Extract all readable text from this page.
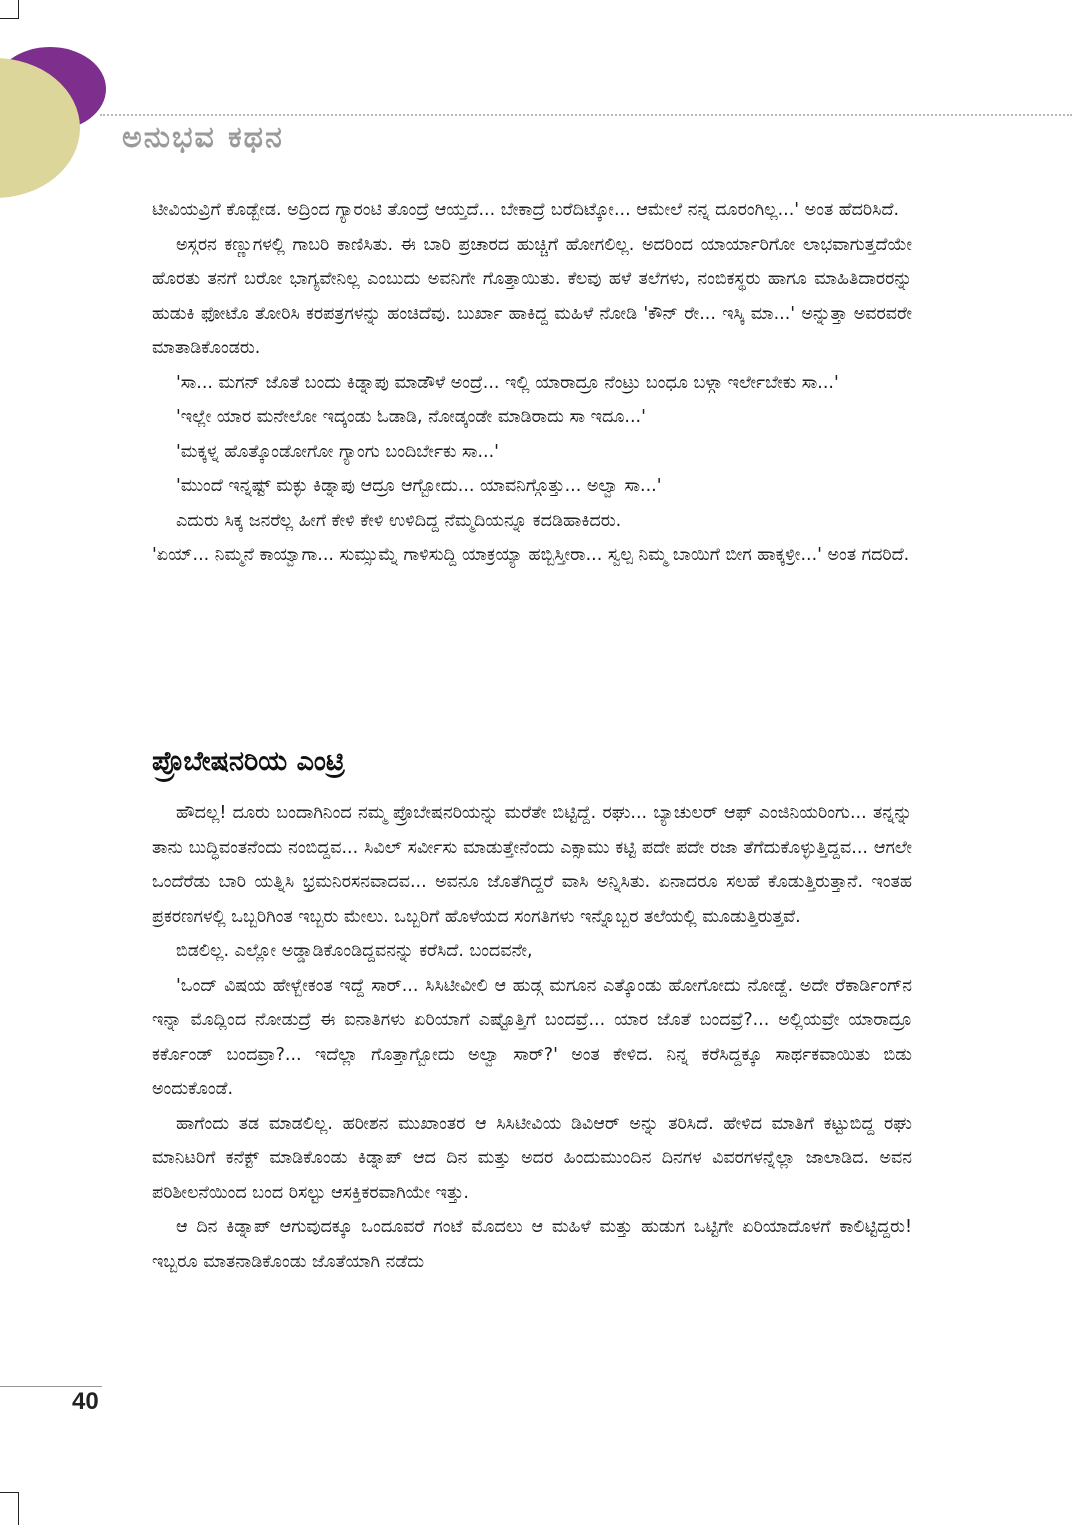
ಅನುಭವ ಕಥನ

ಟೀವಿಯವ್ರಿಗೆ ಕೊಡ್ಬೇಡ. ಅದ್ರಿಂದ ಗ್ಯಾರಂಟಿ ತೊಂದ್ರೆ ಆಯ್ತದೆ... ಬೇಕಾದ್ರೆ ಬರೆದಿಟ್ಕೋ... ಆಮೇಲೆ ನನ್ನ ದೂರಂಗಿಲ್ಲ...' ಅಂತ ಹೆದರಿಸಿದೆ.

ಅಸ್ಗರನ ಕಣ್ಣುಗಳಲ್ಲಿ ಗಾಬರಿ ಕಾಣಿಸಿತು. ಈ ಬಾರಿ ಪ್ರಚಾರದ ಹುಚ್ಚಿಗೆ ಹೋಗಲಿಲ್ಲ. ಅದರಿಂದ ಯಾರ್ಯಾರಿಗೋ ಲಾಭವಾಗುತ್ತದೆಯೇ ಹೊರತು ತನಗೆ ಬರೋ ಭಾಗ್ಯವೇನಿಲ್ಲ ಎಂಬುದು ಅವನಿಗೇ ಗೊತ್ತಾಯಿತು. ಕೆಲವು ಹಳೆ ತಲೆಗಳು, ನಂಬಿಕಸ್ಥರು ಹಾಗೂ ಮಾಹಿತಿದಾರರನ್ನು ಹುಡುಕಿ ಫೋಟೊ ತೋರಿಸಿ ಕರಪತ್ರಗಳನ್ನು ಹಂಚಿದೆವು. ಬುರ್ಖಾ ಹಾಕಿದ್ದ ಮಹಿಳೆ ನೋಡಿ 'ಕೌನ್ ರೇ... ಇಸ್ಕಿ ಮಾ...' ಅನ್ನುತ್ತಾ ಅವರವರೇ ಮಾತಾಡಿಕೊಂಡರು.

'ಸಾ... ಮಗನ್ ಜೊತೆ ಬಂದು ಕಿಡ್ನಾಪು ಮಾಡೌಳೆ ಅಂದ್ರೆ... ಇಲ್ಲಿ ಯಾರಾದ್ರೂ ನೆಂಟ್ರು ಬಂಧೂ ಬಳ್ಗಾ ಇರ್ಲೇಬೇಕು ಸಾ...'

'ಇಲ್ಲೇ ಯಾರ ಮನೇಲೋ ಇದ್ಕಂಡು ಓಡಾಡಿ, ನೋಡ್ಕಂಡೇ ಮಾಡಿರಾದು ಸಾ ಇದೂ...'

'ಮಕ್ಕಳ್ನ ಹೊತ್ಕೊಂಡೋಗೋ ಗ್ಯಾಂಗು ಬಂದಿರ್ಬೇಕು ಸಾ...'

'ಮುಂದೆ ಇನ್ನಷ್ಟ್ ಮಕ್ಳು ಕಿಡ್ನಾಪು ಆದ್ರೂ ಆಗ್ಬೋದು... ಯಾವನಿಗ್ಗೊತ್ತು... ಅಲ್ವಾ ಸಾ...'

ಎದುರು ಸಿಕ್ಕ ಜನರೆಲ್ಲ ಹೀಗೆ ಕೇಳಿ ಕೇಳಿ ಉಳಿದಿದ್ದ ನೆಮ್ಮದಿಯನ್ನೂ ಕದಡಿಹಾಕಿದರು.

'ಏಯ್... ನಿಮ್ಮನೆ ಕಾಯ್ವಾಗಾ... ಸುಮ್ಸುಮ್ನೆ ಗಾಳಿಸುದ್ದಿ ಯಾಕ್ರಯ್ಯಾ ಹಬ್ಬಿಸ್ತೀರಾ... ಸ್ವಲ್ಪ ನಿಮ್ಮ ಬಾಯಿಗೆ ಬೀಗ ಹಾಕ್ಕಳ್ರೀ...' ಅಂತ ಗದರಿದೆ.

ಪ್ರೊಬೇಷನರಿಯ ಎಂಟ್ರಿ

ಹೌದಲ್ಲ! ದೂರು ಬಂದಾಗಿನಿಂದ ನಮ್ಮ ಪ್ರೊಬೇಷನರಿಯನ್ನು ಮರೆತೇ ಬಿಟ್ಟಿದ್ದೆ. ರಘು... ಬ್ಯಾಚುಲರ್ ಆಫ್ ಎಂಜಿನಿಯರಿಂಗು... ತನ್ನನ್ನು ತಾನು ಬುದ್ಧಿವಂತನೆಂದು ನಂಬಿದ್ದವ... ಸಿವಿಲ್ ಸರ್ವೀಸು ಮಾಡುತ್ತೇನೆಂದು ಎಕ್ಸಾಮು ಕಟ್ಟಿ ಪದೇ ಪದೇ ರಜಾ ತೆಗೆದುಕೊಳ್ಳುತ್ತಿದ್ದವ... ಆಗಲೇ ಒಂದೆರೆಡು ಬಾರಿ ಯತ್ನಿಸಿ ಭ್ರಮನಿರಸನವಾದವ... ಅವನೂ ಜೊತೆಗಿದ್ದರೆ ವಾಸಿ ಅನ್ನಿಸಿತು. ಏನಾದರೂ ಸಲಹೆ ಕೊಡುತ್ತಿರುತ್ತಾನೆ. ಇಂತಹ ಪ್ರಕರಣಗಳಲ್ಲಿ ಒಬ್ಬರಿಗಿಂತ ಇಬ್ಬರು ಮೇಲು. ಒಬ್ಬರಿಗೆ ಹೊಳೆಯದ ಸಂಗತಿಗಳು ಇನ್ನೊಬ್ಬರ ತಲೆಯಲ್ಲಿ ಮೂಡುತ್ತಿರುತ್ತವೆ.

ಬಿಡಲಿಲ್ಲ. ಎಲ್ಲೋ ಅಡ್ಡಾಡಿಕೊಂಡಿದ್ದವನನ್ನು ಕರೆಸಿದೆ. ಬಂದವನೇ,

'ಒಂದ್ ವಿಷಯ ಹೇಳ್ಬೇಕಂತ ಇದ್ದೆ ಸಾರ್... ಸಿಸಿಟೀವೀಲಿ ಆ ಹುಡ್ಗ ಮಗೂನ ಎತ್ಕೊಂಡು ಹೋಗೋದು ನೋಡ್ದೆ. ಅದೇ ರೆಕಾರ್ಡಿಂಗ್‌ನ ಇನ್ನಾ ಮೊದ್ಲಿಂದ ನೋಡುದ್ರೆ ಈ ಐನಾತಿಗಳು ಏರಿಯಾಗೆ ಎಷ್ಟೊತ್ತಿಗೆ ಬಂದವ್ರೆ... ಯಾರ ಜೊತೆ ಬಂದವ್ರೆ?... ಅಲ್ಲಿಯವ್ರೇ ಯಾರಾದ್ರೂ ಕರ್ಕೊಂಡ್ ಬಂದವ್ರಾ?... ಇದೆಲ್ಲಾ ಗೊತ್ತಾಗ್ಬೋದು ಅಲ್ವಾ ಸಾರ್?' ಅಂತ ಕೇಳಿದ. ನಿನ್ನ ಕರೆಸಿದ್ದಕ್ಕೂ ಸಾರ್ಥಕವಾಯಿತು ಬಿಡು ಅಂದುಕೊಂಡೆ.

ಹಾಗೆಂದು ತಡ ಮಾಡಲಿಲ್ಲ. ಹರೀಶನ ಮುಖಾಂತರ ಆ ಸಿಸಿಟೀವಿಯ ಡಿವಿಆರ್ ಅನ್ನು ತರಿಸಿದೆ. ಹೇಳಿದ ಮಾತಿಗೆ ಕಟ್ಟುಬಿದ್ದ ರಘು ಮಾನಿಟರಿಗೆ ಕನೆಕ್ಟ್ ಮಾಡಿಕೊಂಡು ಕಿಡ್ನಾಪ್ ಆದ ದಿನ ಮತ್ತು ಅದರ ಹಿಂದುಮುಂದಿನ ದಿನಗಳ ವಿವರಗಳನ್ನೆಲ್ಲಾ ಜಾಲಾಡಿದ. ಅವನ ಪರಿಶೀಲನೆಯಿಂದ ಬಂದ ರಿಸಲ್ಟು ಆಸಕ್ತಿಕರವಾಗಿಯೇ ಇತ್ತು.

ಆ ದಿನ ಕಿಡ್ನಾಪ್ ಆಗುವುದಕ್ಕೂ ಒಂದೂವರೆ ಗಂಟೆ ಮೊದಲು ಆ ಮಹಿಳೆ ಮತ್ತು ಹುಡುಗ ಒಟ್ಟಿಗೇ ಏರಿಯಾದೊಳಗೆ ಕಾಲಿಟ್ಟಿದ್ದರು! ಇಬ್ಬರೂ ಮಾತನಾಡಿಕೊಂಡು ಜೊತೆಯಾಗಿ ನಡೆದು

40
